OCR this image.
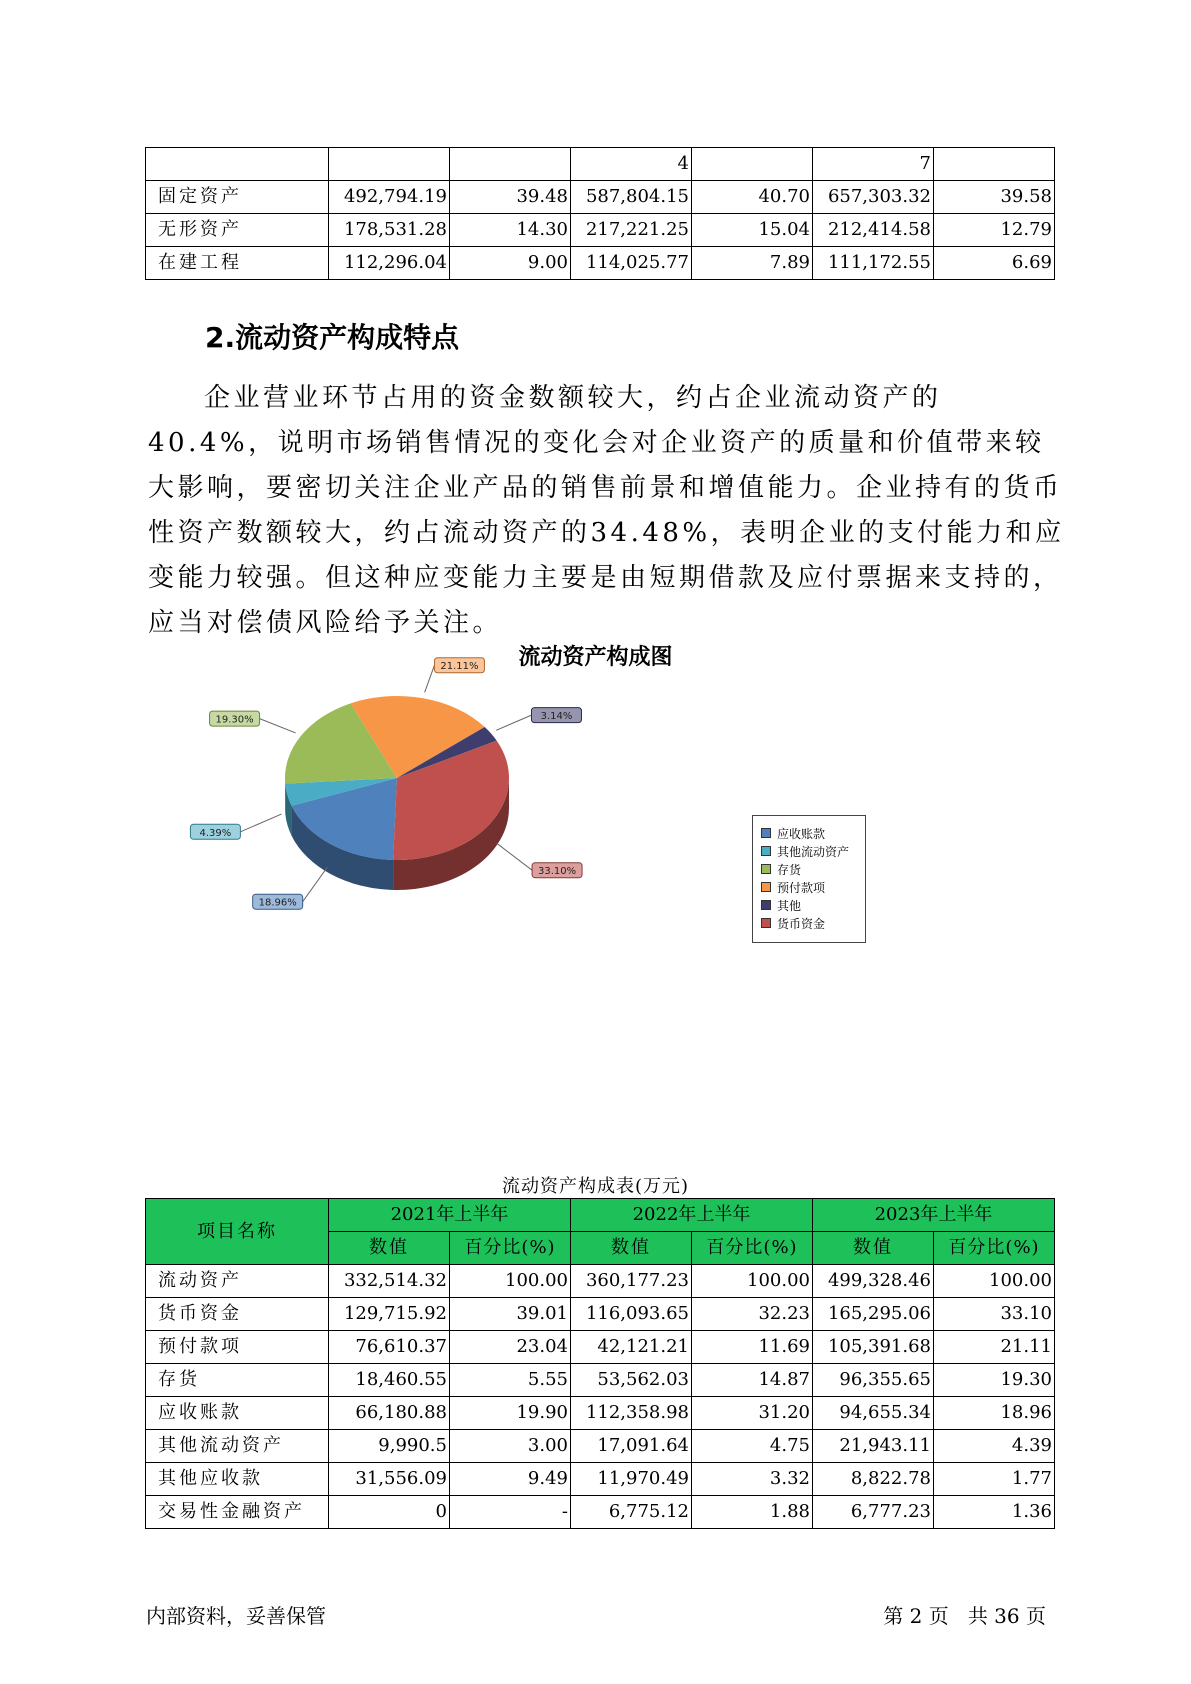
			4		7	
固定资产	492,794.19	39.48	587,804.15	40.70	657,303.32	39.58
无形资产	178,531.28	14.30	217,221.25	15.04	212,414.58	12.79
在建工程	112,296.04	9.00	114,025.77	7.89	111,172.55	6.69
2.流动资产构成特点

企业营业环节占用的资金数额较大，约占企业流动资产的40.4%，说明市场销售情况的变化会对企业资产的质量和价值带来较大影响，要密切关注企业产品的销售前景和增值能力。企业持有的货币性资产数额较大，约占流动资产的34.48%，表明企业的支付能力和应变能力较强。但这种应变能力主要是由短期借款及应付票据来支持的，应当对偿债风险给予关注。

流动资产构成图
18.96%
4.39%
19.30%
21.11%
3.14%
33.10%
应收账款
其他流动资产
存货
预付款项
其他
货币资金
流动资产构成表(万元)
项目名称	2021年上半年		2022年上半年		2023年上半年	
	数值	百分比(%)	数值	百分比(%)	数值	百分比(%)
流动资产	332,514.32	100.00	360,177.23	100.00	499,328.46	100.00
货币资金	129,715.92	39.01	116,093.65	32.23	165,295.06	33.10
预付款项	76,610.37	23.04	42,121.21	11.69	105,391.68	21.11
存货	18,460.55	5.55	53,562.03	14.87	96,355.65	19.30
应收账款	66,180.88	19.90	112,358.98	31.20	94,655.34	18.96
其他流动资产	9,990.5	3.00	17,091.64	4.75	21,943.11	4.39
其他应收款	31,556.09	9.49	11,970.49	3.32	8,822.78	1.77
交易性金融资产	0	-	6,775.12	1.88	6,777.23	1.36
内部资料，妥善保管	第 2 页   共 36 页
